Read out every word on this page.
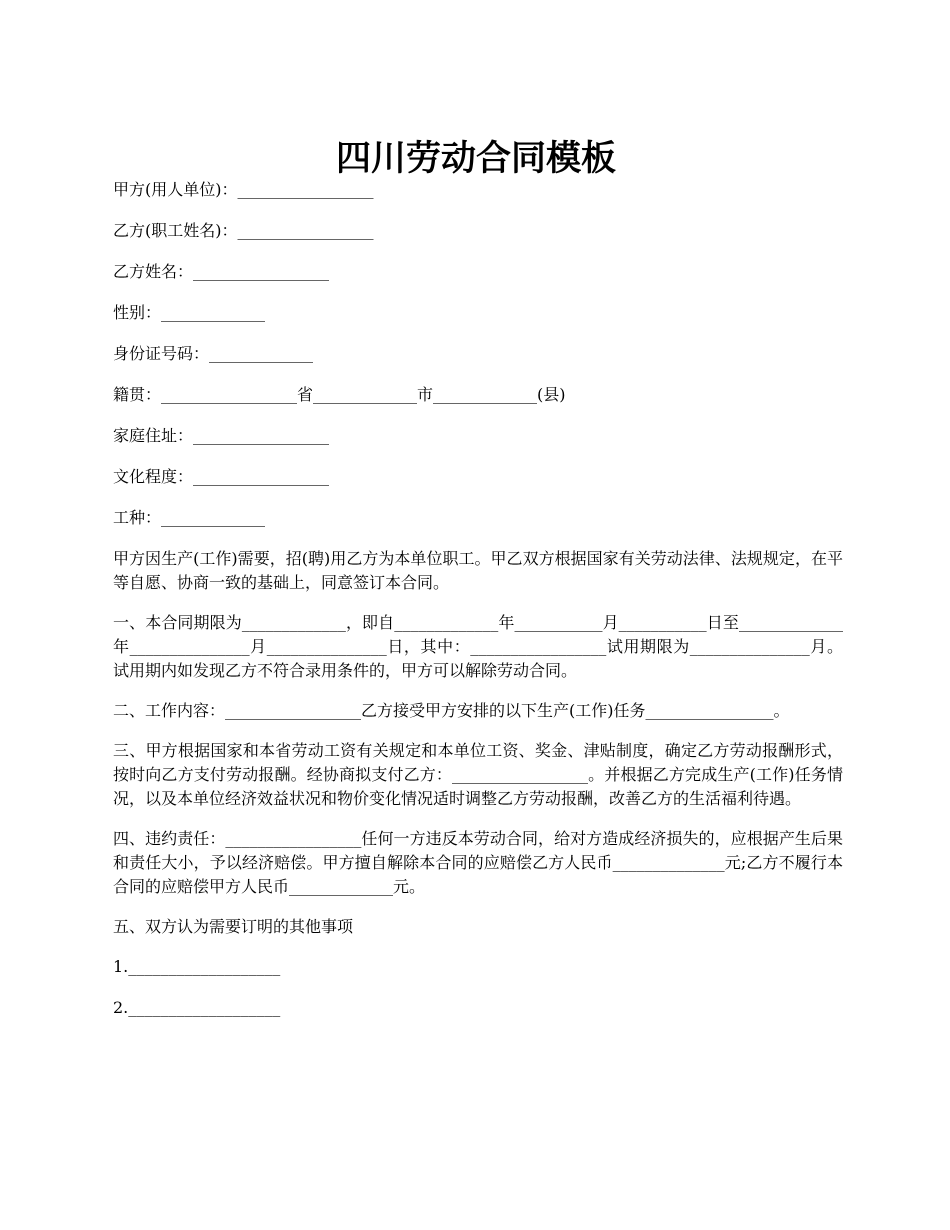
四川劳动合同模板
甲方(用人单位)：_________________
乙方(职工姓名)：_________________
乙方姓名：_________________
性别：_____________
身份证号码：_____________
籍贯：_________________省_____________市_____________(县)
家庭住址：_________________
文化程度：_________________
工种：_____________

甲方因生产(工作)需要，招(聘)用乙方为本单位职工。甲乙双方根据国家有关劳动法律、法规规定，在平等自愿、协商一致的基础上，同意签订本合同。

一、本合同期限为_____________，即自_____________年___________月___________日至_____________年_______________月_______________日，其中：_________________试用期限为_______________月。试用期内如发现乙方不符合录用条件的，甲方可以解除劳动合同。

二、工作内容：_________________乙方接受甲方安排的以下生产(工作)任务________________。

三、甲方根据国家和本省劳动工资有关规定和本单位工资、奖金、津贴制度，确定乙方劳动报酬形式，按时向乙方支付劳动报酬。经协商拟支付乙方：_________________。并根据乙方完成生产(工作)任务情况，以及本单位经济效益状况和物价变化情况适时调整乙方劳动报酬，改善乙方的生活福利待遇。

四、违约责任：_________________任何一方违反本劳动合同，给对方造成经济损失的，应根据产生后果和责任大小，予以经济赔偿。甲方擅自解除本合同的应赔偿乙方人民币______________元;乙方不履行本合同的应赔偿甲方人民币_____________元。

五、双方认为需要订明的其他事项

1.___________________
2.___________________
